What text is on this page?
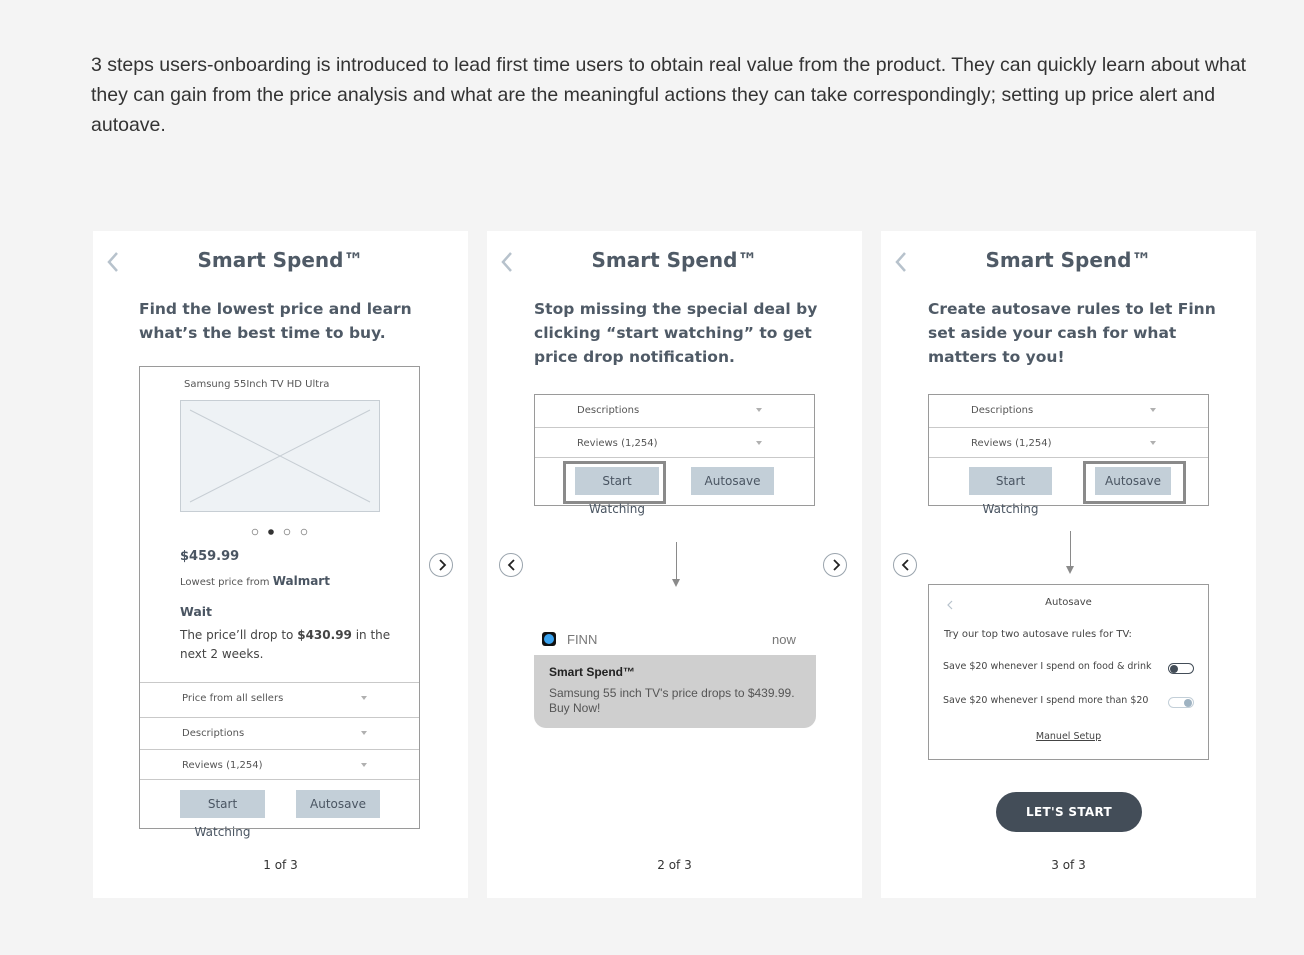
3 steps users-onboarding is introduced to lead first time users to obtain real value from the product. They can quickly learn about what they can gain from the price analysis and what are the meaningful actions they can take correspondingly; setting up price alert and autoave.

Smart Spend™
Find the lowest price and learn what’s the best time to buy.
Samsung 55Inch TV HD Ultra
$459.99
Lowest price from Walmart
Wait
The price’ll drop to $430.99 in the next 2 weeks.
Price from all sellers
Descriptions
Reviews (1,254)
Start Watching
Autosave
1 of 3
Smart Spend™
Stop missing the special deal by clicking “start watching” to get price drop notification.
Descriptions
Reviews (1,254)
Start Watching
Autosave
FINN	now
Smart Spend™
Samsung 55 inch TV's price drops to $439.99. Buy Now!
2 of 3
Smart Spend™
Create autosave rules to let Finn set aside your cash for what matters to you!
Descriptions
Reviews (1,254)
Start Watching
Autosave
Autosave
Try our top two autosave rules for TV:
Save $20 whenever I spend on food & drink
Save $20 whenever I spend more than $20
Manuel Setup
LET'S START
3 of 3
